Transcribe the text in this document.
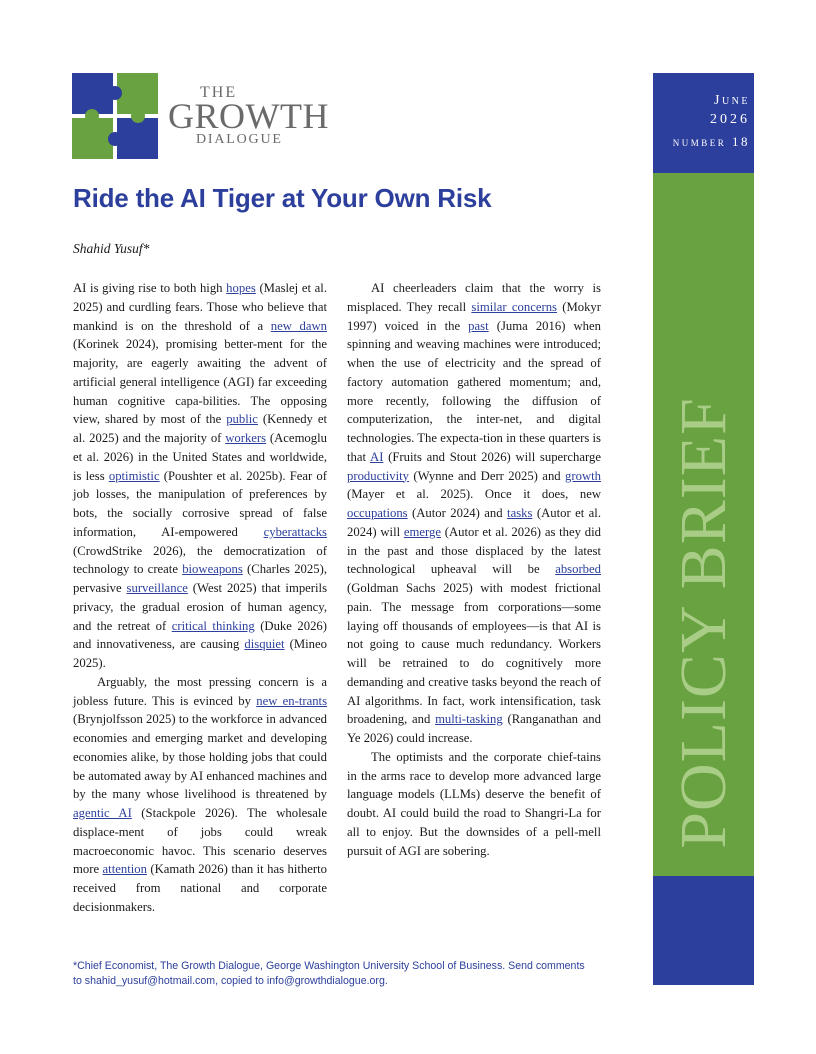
THE
GROWTH
DIALOGUE
June
2026
number 18
POLICY BRIEF
Ride the AI Tiger at Your Own Risk
Shahid Yusuf*

AI is giving rise to both high hopes (Maslej et al. 2025) and curdling fears. Those who believe that mankind is on the threshold of a new dawn (Korinek 2024), promising better-ment for the majority, are eagerly awaiting the advent of artificial general intelligence (AGI) far exceeding human cognitive capa-bilities. The opposing view, shared by most of the public (Kennedy et al. 2025) and the majority of workers (Acemoglu et al. 2026) in the United States and worldwide, is less optimistic (Poushter et al. 2025b). Fear of job losses, the manipulation of preferences by bots, the socially corrosive spread of false information, AI-empowered cyberattacks (CrowdStrike 2026), the democratization of technology to create bioweapons (Charles 2025), pervasive surveillance (West 2025) that imperils privacy, the gradual erosion of human agency, and the retreat of critical thinking (Duke 2026) and innovativeness, are causing disquiet (Mineo 2025).

Arguably, the most pressing concern is a jobless future. This is evinced by new en-trants (Brynjolfsson 2025) to the workforce in advanced economies and emerging market and developing economies alike, by those holding jobs that could be automated away by AI enhanced machines and by the many whose livelihood is threatened by agentic AI (Stackpole 2026). The wholesale displace-ment of jobs could wreak macroeconomic havoc. This scenario deserves more attention (Kamath 2026) than it has hitherto received from national and corporate decisionmakers.

AI cheerleaders claim that the worry is misplaced. They recall similar concerns (Mokyr 1997) voiced in the past (Juma 2016) when spinning and weaving machines were introduced; when the use of electricity and the spread of factory automation gathered momentum; and, more recently, following the diffusion of computerization, the inter-net, and digital technologies. The expecta-tion in these quarters is that AI (Fruits and Stout 2026) will supercharge productivity (Wynne and Derr 2025) and growth (Mayer et al. 2025). Once it does, new occupations (Autor 2024) and tasks (Autor et al. 2024) will emerge (Autor et al. 2026) as they did in the past and those displaced by the latest technological upheaval will be absorbed (Goldman Sachs 2025) with modest frictional pain. The message from corporations—some laying off thousands of employees—is that AI is not going to cause much redundancy. Workers will be retrained to do cognitively more demanding and creative tasks beyond the reach of AI algorithms. In fact, work intensification, task broadening, and multi-tasking (Ranganathan and Ye 2026) could increase.

The optimists and the corporate chief-tains in the arms race to develop more advanced large language models (LLMs) deserve the benefit of doubt. AI could build the road to Shangri-La for all to enjoy. But the downsides of a pell-mell pursuit of AGI are sobering.

*Chief Economist, The Growth Dialogue, George Washington University School of Business. Send comments
to shahid_yusuf@hotmail.com, copied to info@growthdialogue.org.
